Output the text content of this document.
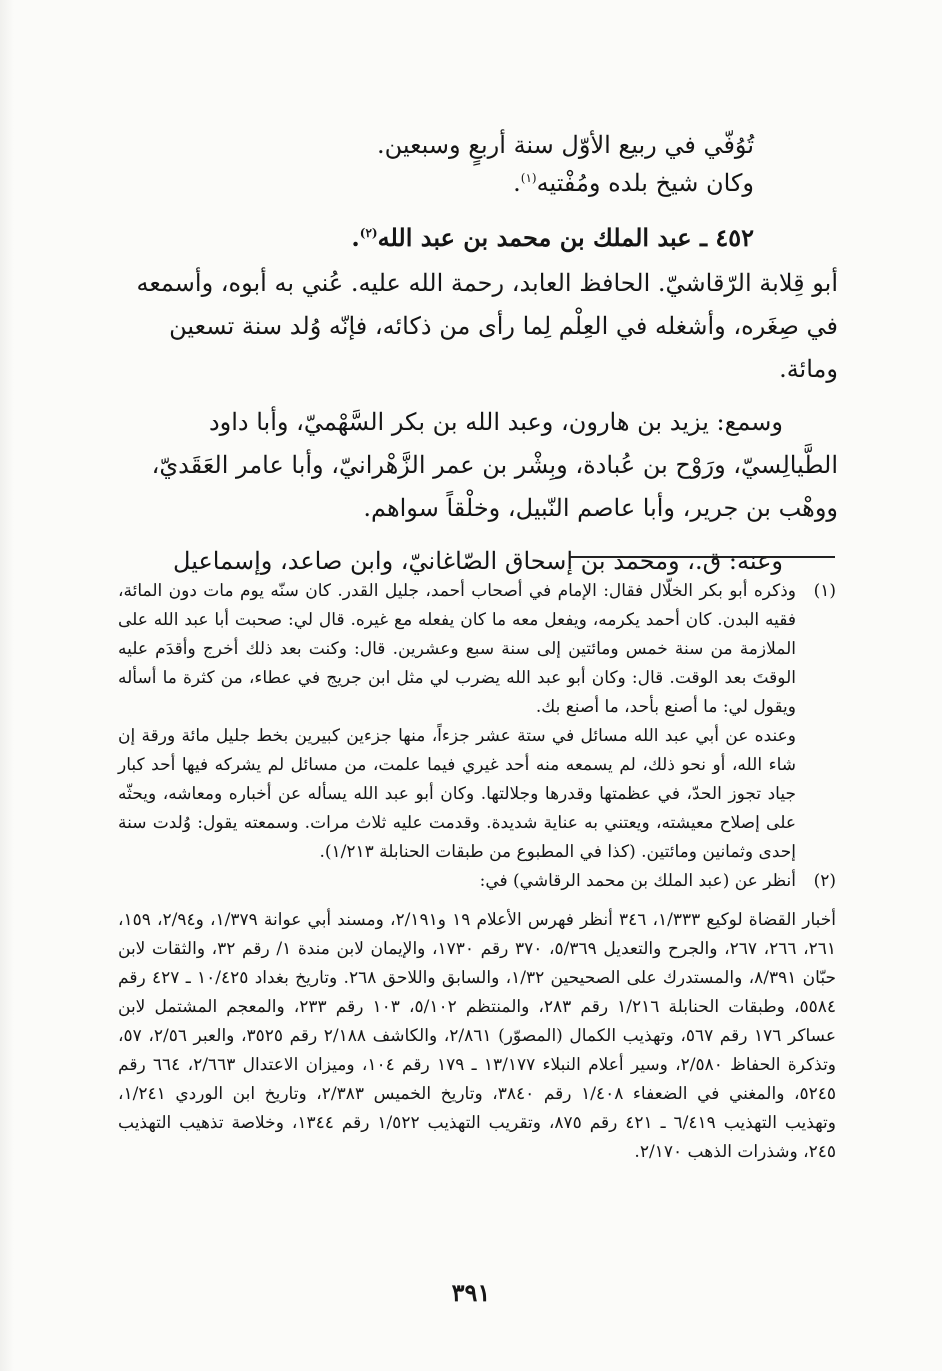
تُوُفّي في ربيع الأوّل سنة أربعٍ وسبعين.

وكان شيخ بلده ومُفْتيه$^{(١)}$.

٤٥٢ ـ عبد الملك بن محمد بن عبد الله$^{(٢)}$.

أبو قِلابة الرّقاشيّ. الحافظ العابد، رحمة الله عليه. عُني به أبوه، وأسمعه في صِغَره، وأشغله في العِلْم لِما رأى من ذكائه، فإنّه وُلد سنة تسعين ومائة.

وسمع: يزيد بن هارون، وعبد الله بن بكر السَّهْميّ، وأبا داود الطَّيالِسيّ، ورَوْح بن عُبادة، وبِشْر بن عمر الزَّهْرانيّ، وأبا عامر العَقَديّ، ووهْب بن جرير، وأبا عاصم النّبيل، وخلْقاً سواهم.

وعنه: ق.، ومحمد بن إسحاق الصّاغانيّ، وابن صاعد، وإسماعيل

(١)
وذكره أبو بكر الخلّال فقال: الإمام في أصحاب أحمد، جليل القدر. كان سنّه يوم مات دون المائة، فقيه البدن. كان أحمد يكرمه، ويفعل معه ما كان يفعله مع غيره. قال لي: صحبت أبا عبد الله على الملازمة من سنة خمس ومائتين إلى سنة سبع وعشرين. قال: وكنت بعد ذلك أخرج وأقدَم عليه الوقتَ بعد الوقت. قال: وكان أبو عبد الله يضرب لي مثل ابن جريج في عطاء، من كثرة ما أسأله ويقول لي: ما أصنع بأحد، ما أصنع بك.
وعنده عن أبي عبد الله مسائل في ستة عشر جزءاً، منها جزءين كبيرين بخط جليل مائة ورقة إن شاء الله، أو نحو ذلك، لم يسمعه منه أحد غيري فيما علمت، من مسائل لم يشركه فيها أحد كبار جياد تجوز الحدّ، في عظمتها وقدرها وجلالتها. وكان أبو عبد الله يسأله عن أخباره ومعاشه، ويحثّه على إصلاح معيشته، ويعتني به عناية شديدة. وقدمت عليه ثلاث مرات. وسمعته يقول: وُلدت سنة إحدى وثمانين ومائتين. (كذا في المطبوع من طبقات الحنابلة ١/٢١٣).
(٢)
أنظر عن (عبد الملك بن محمد الرقاشي) في:
أخبار القضاة لوكيع ١/٣٣٣، ٣٤٦ أنظر فهرس الأعلام ١٩ و٢/١٩١، ومسند أبي عوانة ١/٣٧٩، و٢/٩٤، ١٥٩، ٢٦١، ٢٦٦، ٢٦٧، والجرح والتعديل ٥/٣٦٩، ٣٧٠ رقم ١٧٣٠، والإيمان لابن مندة ١/ رقم ٣٢، والثقات لابن حبّان ٨/٣٩١، والمستدرك على الصحيحين ١/٣٢، والسابق واللاحق ٢٦٨. وتاريخ بغداد ١٠/٤٢٥ ـ ٤٢٧ رقم ٥٥٨٤، وطبقات الحنابلة ١/٢١٦ رقم ٢٨٣، والمنتظم ٥/١٠٢، ١٠٣ رقم ٢٣٣، والمعجم المشتمل لابن عساكر ١٧٦ رقم ٥٦٧، وتهذيب الكمال (المصوّر) ٢/٨٦١، والكاشف ٢/١٨٨ رقم ٣٥٢٥، والعبر ٢/٥٦، ٥٧، وتذكرة الحفاظ ٢/٥٨٠، وسير أعلام النبلاء ١٣/١٧٧ ـ ١٧٩ رقم ١٠٤، وميزان الاعتدال ٢/٦٦٣، ٦٦٤ رقم ٥٢٤٥، والمغني في الضعفاء ١/٤٠٨ رقم ٣٨٤٠، وتاريخ الخميس ٢/٣٨٣، وتاريخ ابن الوردي ١/٢٤١، وتهذيب التهذيب ٦/٤١٩ ـ ٤٢١ رقم ٨٧٥، وتقريب التهذيب ١/٥٢٢ رقم ١٣٤٤، وخلاصة تذهيب التهذيب ٢٤٥، وشذرات الذهب ٢/١٧٠.
٣٩١
